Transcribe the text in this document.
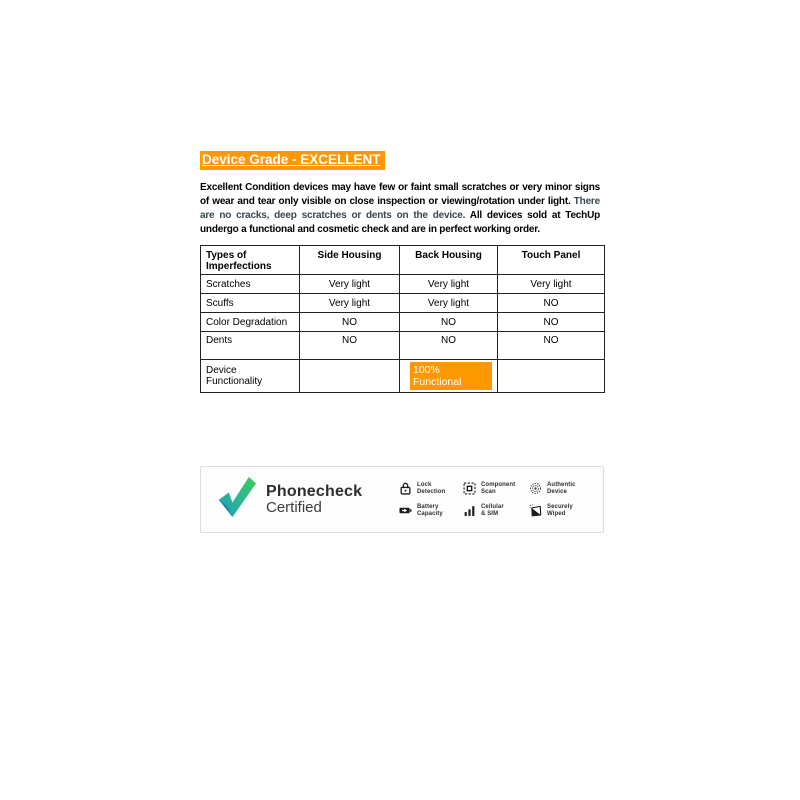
Device Grade - EXCELLENT

Excellent Condition devices may have few or faint small scratches or very minor signs of wear and tear only visible on close inspection or viewing/rotation under light. There are no cracks, deep scratches or dents on the device. All devices sold at TechUp undergo a functional and cosmetic check and are in perfect working order.

Types of Imperfections	Side Housing	Back Housing	Touch Panel
Scratches	Very light	Very light	Very light
Scuffs	Very light	Very light	NO
Color Degradation	NO	NO	NO
Dents	NO	NO	NO
Device Functionality		100% Functional	
Phonecheck
Certified
Lock
Detection
Component
Scan
Authentic
Device
Battery
Capacity
Cellular
& SIM
Securely
Wiped
